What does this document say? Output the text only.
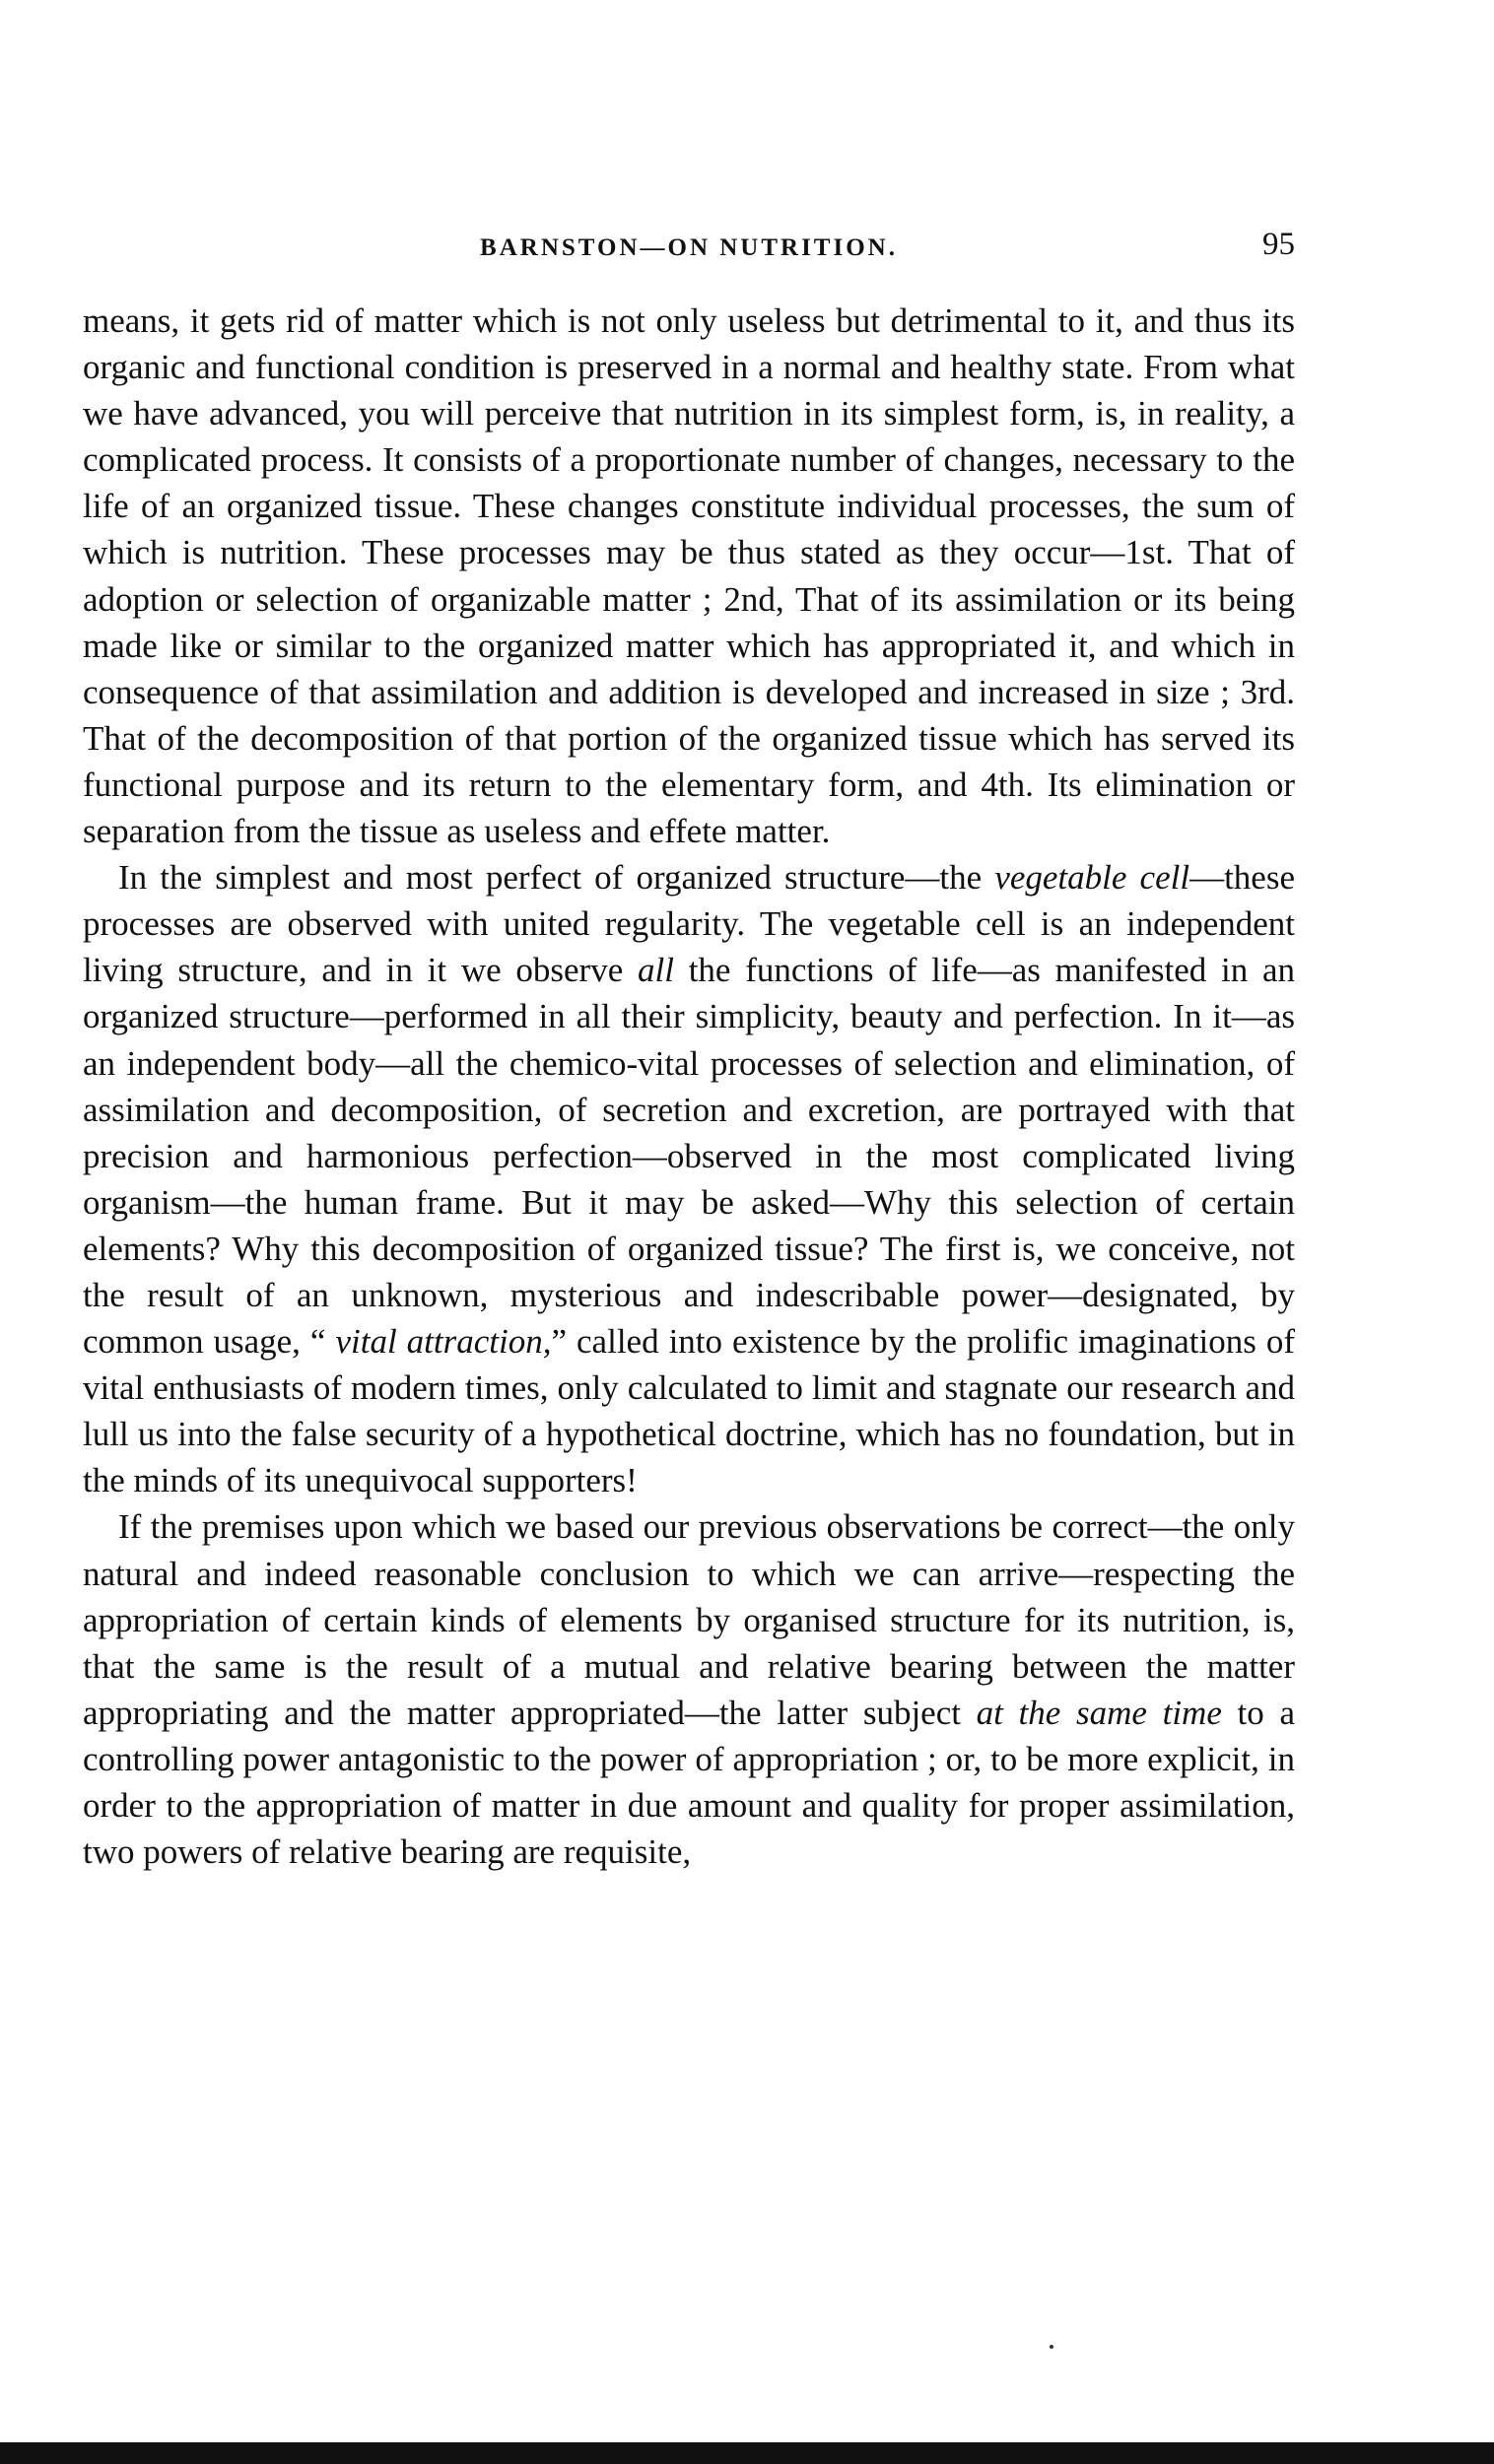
BARNSTON—ON NUTRITION.	95

means, it gets rid of matter which is not only useless but detrimental to it, and thus its organic and functional condition is preserved in a normal and healthy state. From what we have advanced, you will perceive that nutrition in its simplest form, is, in reality, a complicated process. It consists of a proportionate number of changes, necessary to the life of an organized tissue. These changes constitute individual processes, the sum of which is nutrition. These processes may be thus stated as they occur—1st. That of adoption or selection of organizable matter ; 2nd, That of its assimilation or its being made like or similar to the organized matter which has appropriated it, and which in consequence of that assimilation and addition is developed and increased in size ; 3rd. That of the decomposition of that portion of the organized tissue which has served its functional purpose and its return to the elementary form, and 4th. Its elimination or separation from the tissue as useless and effete matter.

In the simplest and most perfect of organized structure—the vegetable cell—these processes are observed with united regularity. The vegetable cell is an independent living structure, and in it we observe all the functions of life—as manifested in an organized structure—performed in all their simplicity, beauty and perfection. In it—as an independent body—all the chemico-vital processes of selection and elimination, of assimilation and decomposition, of secretion and excretion, are portrayed with that precision and harmonious perfection—observed in the most complicated living organism—the human frame. But it may be asked—Why this selection of certain elements? Why this decomposition of organized tissue? The first is, we conceive, not the result of an unknown, mysterious and indescribable power—designated, by common usage, “ vital attraction,” called into existence by the prolific imaginations of vital enthusiasts of modern times, only calculated to limit and stagnate our research and lull us into the false security of a hypothetical doctrine, which has no foundation, but in the minds of its unequivocal supporters!

If the premises upon which we based our previous observations be correct—the only natural and indeed reasonable conclusion to which we can arrive—respecting the appropriation of certain kinds of elements by organised structure for its nutrition, is, that the same is the result of a mutual and relative bearing between the matter appropriating and the matter appropriated—the latter subject at the same time to a controlling power antagonistic to the power of appropriation ; or, to be more explicit, in order to the appropriation of matter in due amount and quality for proper assimilation, two powers of relative bearing are requisite,
